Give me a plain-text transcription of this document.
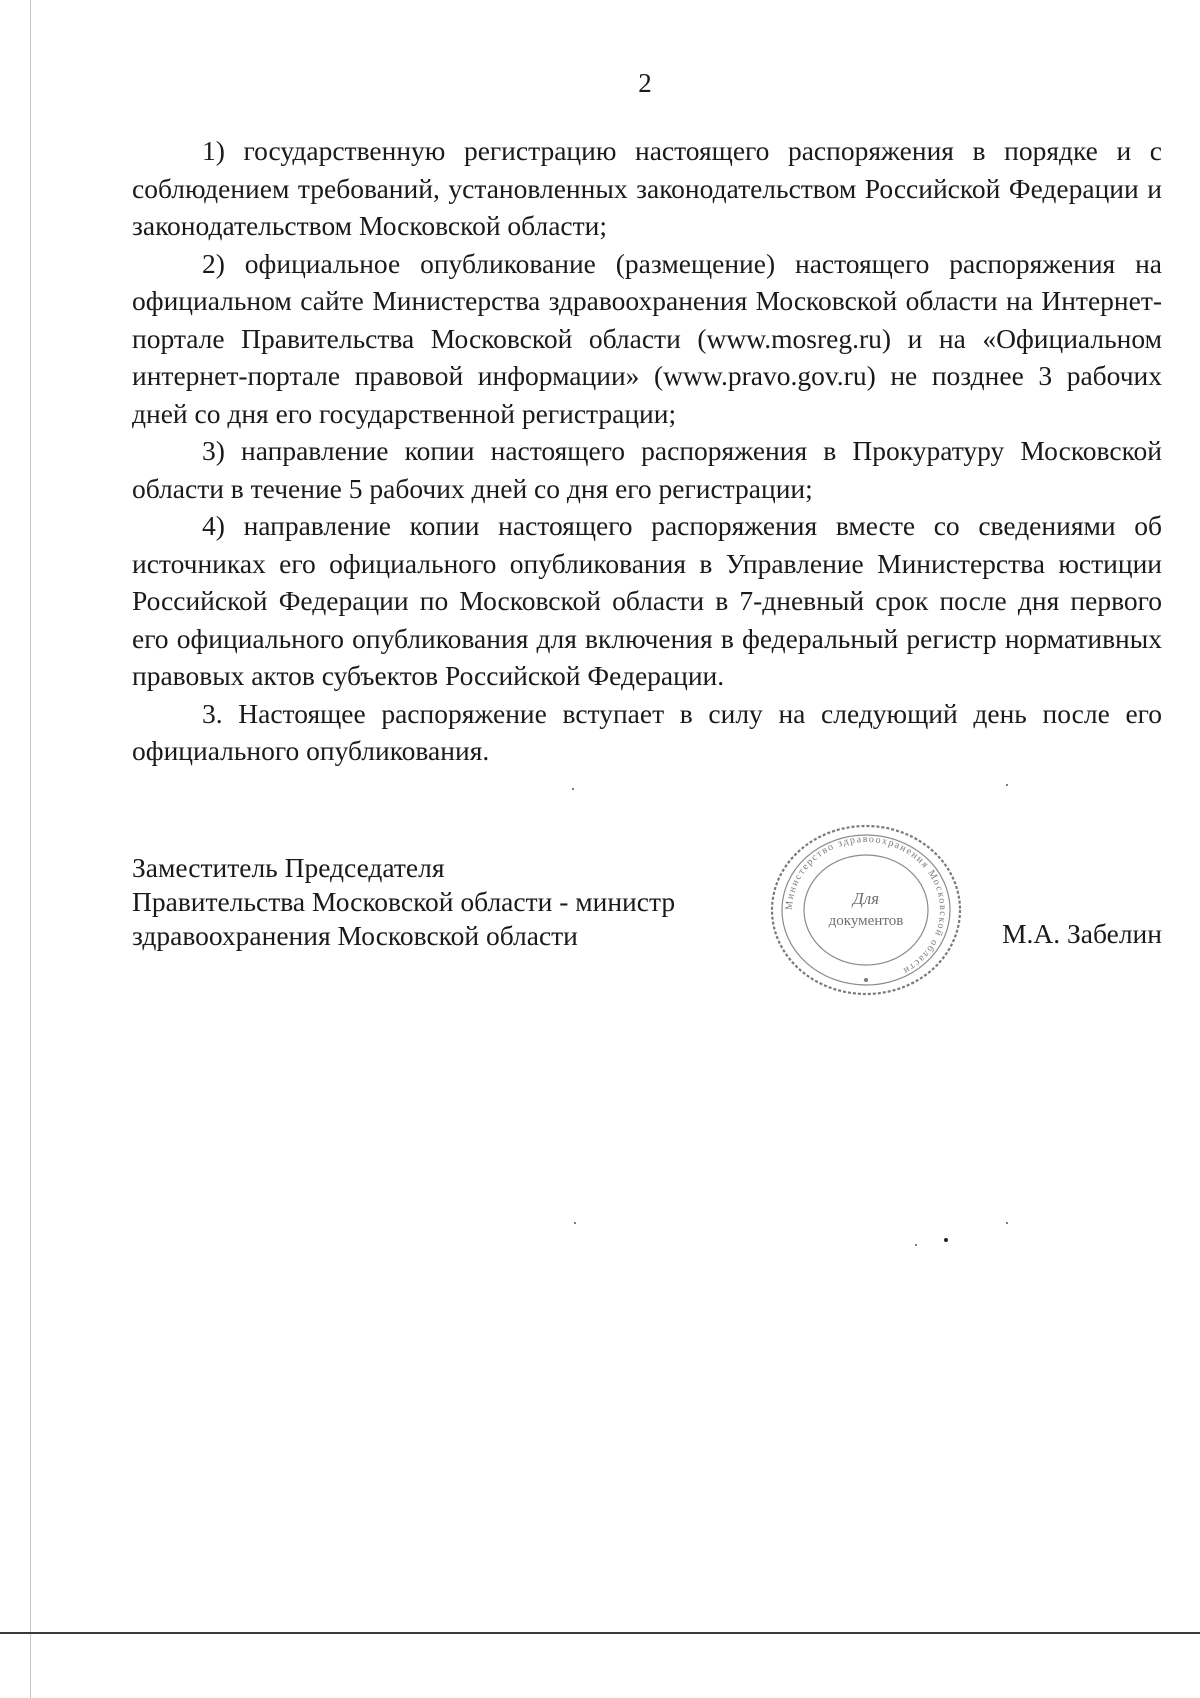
2

1) государственную регистрацию настоящего распоряжения в порядке и с соблюдением требований, установленных законодательством Российской Федерации и законодательством Московской области;

2) официальное опубликование (размещение) настоящего распоряжения на официальном сайте Министерства здравоохранения Московской области на Интернет-портале Правительства Московской области (www.mosreg.ru) и на «Официальном интернет-портале правовой информации» (www.pravo.gov.ru) не позднее 3 рабочих дней со дня его государственной регистрации;

3) направление копии настоящего распоряжения в Прокуратуру Московской области в течение 5 рабочих дней со дня его регистрации;

4) направление копии настоящего распоряжения вместе со сведениями об источниках его официального опубликования в Управление Министерства юстиции Российской Федерации по Московской области в 7-дневный срок после дня первого его официального опубликования для включения в федеральный регистр нормативных правовых актов субъектов Российской Федерации.

3. Настоящее распоряжение вступает в силу на следующий день после его официального опубликования.

Заместитель Председателя
Правительства Московской области - министр
здравоохранения Московской области
Министерство здравоохранения Московской области
Для
документов	М.А. Забелин
